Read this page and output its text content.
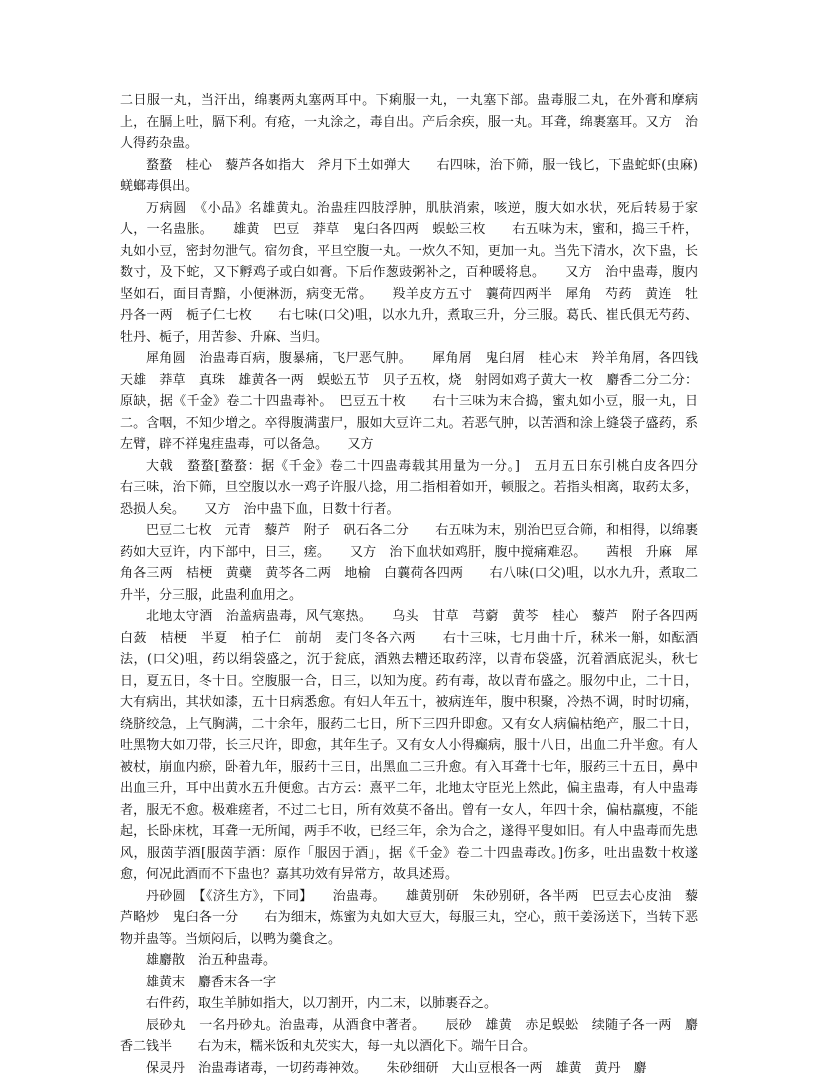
二日服一丸，当汗出，绵裹两丸塞两耳中。下痢服一丸，一丸塞下部。蛊毒服二丸，在外膏和摩病上，在膈上吐，膈下利。有疮，一丸涂之，毒自出。产后余疾，服一丸。耳聋，绵裹塞耳。又方　治人得药杂蛊。

蝥蝥　桂心　藜芦各如指大　斧月下土如弹大　　右四味，治下筛，服一钱匕，下蛊蛇虾(虫麻)蜣螂毒俱出。

万病圆　《小品》名雄黄丸。治蛊疰四肢浮肿，肌肤消索，咳逆，腹大如水状，死后转易于家人，一名蛊胀。　　雄黄　巴豆　莽草　鬼臼各四两　蜈蚣三枚　　右五味为末，蜜和，捣三千杵，丸如小豆，密封勿泄气。宿勿食，平旦空腹一丸。一炊久不知，更加一丸。当先下清水，次下蛊，长数寸，及下蛇，又下孵鸡子或白如膏。下后作葱豉粥补之，百种暖将息。　　又方　治中蛊毒，腹内坚如石，面目青黯，小便淋沥，病变无常。　　羖羊皮方五寸　蘘荷四两半　犀角　芍药　黄连　牡丹各一两　栀子仁七枚　　右七味(口父)咀，以水九升，煮取三升，分三服。葛氏、崔氏俱无芍药、牡丹、栀子，用苦参、升麻、当归。

犀角圆　治蛊毒百病，腹暴痛，飞尸恶气肿。　　犀角屑　鬼臼屑　桂心末　羚羊角屑，各四钱　天雄　莽草　真珠　雄黄各一两　蜈蚣五节　贝子五枚，烧　射罔如鸡子黄大一枚　麝香二分二分：原缺，据《千金》卷二十四蛊毒补。　巴豆五十枚　　右十三味为末合捣，蜜丸如小豆，服一丸，日二。含咽，不知少增之。卒得腹满蜚尸，服如大豆许二丸。若恶气肿，以苦酒和涂上缝袋子盛药，系左臂，辟不祥鬼疰蛊毒，可以备急。　　又方

大戟　蝥蝥[蝥蝥：据《千金》卷二十四蛊毒载其用量为一分。]　五月五日东引桃白皮各四分　　右三味，治下筛，旦空腹以水一鸡子许服八捻，用二指相着如开，顿服之。若指头相离，取药太多，恐损人矣。　　又方　治中蛊下血，日数十行者。

巴豆二七枚　元青　藜芦　附子　矾石各二分　　右五味为末，别治巴豆合筛，和相得，以绵裹药如大豆许，内下部中，日三，瘥。　　又方　治下血状如鸡肝，腹中搅痛难忍。　　茜根　升麻　犀角各三两　桔梗　黄蘗　黄芩各二两　地榆　白蘘荷各四两　　右八味(口父)咀，以水九升，煮取二升半，分三服，此蛊利血用之。

北地太守酒　治盖病蛊毒，风气寒热。　　乌头　甘草　芎藭　黄芩　桂心　藜芦　附子各四两　白蔹　桔梗　半夏　柏子仁　前胡　麦门冬各六两　　右十三味，七月曲十斤，秫米一斛，如酝酒法，(口父)咀，药以绢袋盛之，沉于瓮底，酒熟去糟还取药滓，以青布袋盛，沉着酒底泥头，秋七日，夏五日，冬十日。空腹服一合，日三，以知为度。药有毒，故以青布盛之。服勿中止，二十日，大有病出，其状如漆，五十日病悉愈。有妇人年五十，被病连年，腹中积聚，冷热不调，时时切痛，绕脐绞急，上气胸满，二十余年，服药二七日，所下三四升即愈。又有女人病偏枯绝产，服二十日，吐黑物大如刀带，长三尺许，即愈，其年生子。又有女人小得癫病，服十八日，出血二升半愈。有人被杖，崩血内瘀，卧着九年，服药十三日，出黑血二三升愈。有入耳聋十七年，服药三十五日，鼻中出血三升，耳中出黄水五升便愈。古方云：熹平二年，北地太守臣光上然此，偏主蛊毒，有人中蛊毒者，服无不愈。极难瘥者，不过二七日，所有效莫不备出。曾有一女人，年四十余，偏枯羸瘦，不能起，长卧床枕，耳聋一无所闻，两手不收，已经三年，余为合之，遂得平叟如旧。有人中蛊毒而先患风，服茵芋酒[服茵芋酒：原作「服因于酒」，据《千金》卷二十四蛊毒改。]伤多，吐出蛊数十枚遂愈，何况此酒而不下蛊也？嘉其功效有异常方，故具述焉。

丹砂圆　【《济生方》，下同】　　治蛊毒。　　雄黄别研　朱砂别研，各半两　巴豆去心皮油　藜芦略炒　鬼臼各一分　　右为细末，炼蜜为丸如大豆大，每服三丸，空心，煎干姜汤送下，当转下恶物并蛊等。当烦闷后，以鸭为羹食之。

雄麝散　治五种蛊毒。

雄黄末　麝香末各一字

右件药，取生羊肺如指大，以刀割开，内二末，以肺裹吞之。

辰砂丸　一名丹砂丸。治蛊毒，从酒食中著者。　　辰砂　雄黄　赤足蜈蚣　续随子各一两　麝香二钱半　　右为末，糯米饭和丸芡实大，每一丸以酒化下。端午日合。

保灵丹　治蛊毒诸毒，一切药毒神效。　　朱砂细研　大山豆根各一两　雄黄　黄丹　麝
